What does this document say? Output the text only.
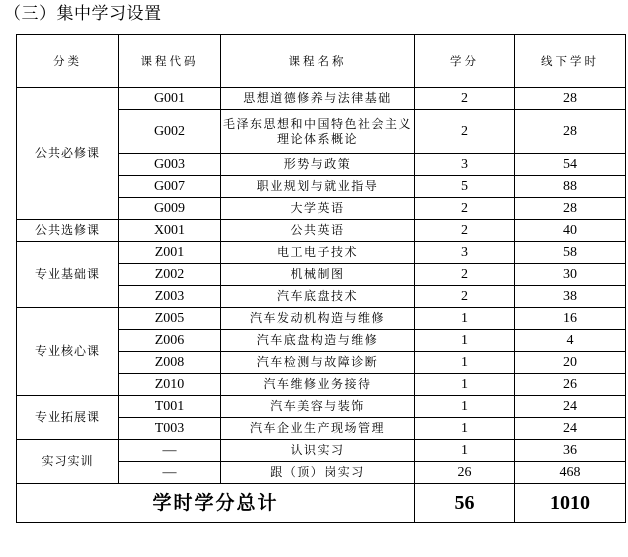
（三）集中学习设置
分类	课程代码	课程名称	学分	线下学时
公共必修课	G001	思想道德修养与法律基础	2	28
	G002	毛泽东思想和中国特色社会主义理论体系概论	2	28
	G003	形势与政策	3	54
	G007	职业规划与就业指导	5	88
	G009	大学英语	2	28
公共选修课	X001	公共英语	2	40
专业基础课	Z001	电工电子技术	3	58
	Z002	机械制图	2	30
	Z003	汽车底盘技术	2	38
专业核心课	Z005	汽车发动机构造与维修	1	16
	Z006	汽车底盘构造与维修	1	4
	Z008	汽车检测与故障诊断	1	20
	Z010	汽车维修业务接待	1	26
专业拓展课	T001	汽车美容与装饰	1	24
	T003	汽车企业生产现场管理	1	24
实习实训	—	认识实习	1	36
	—	跟（顶）岗实习	26	468
学时学分总计			56	1010
